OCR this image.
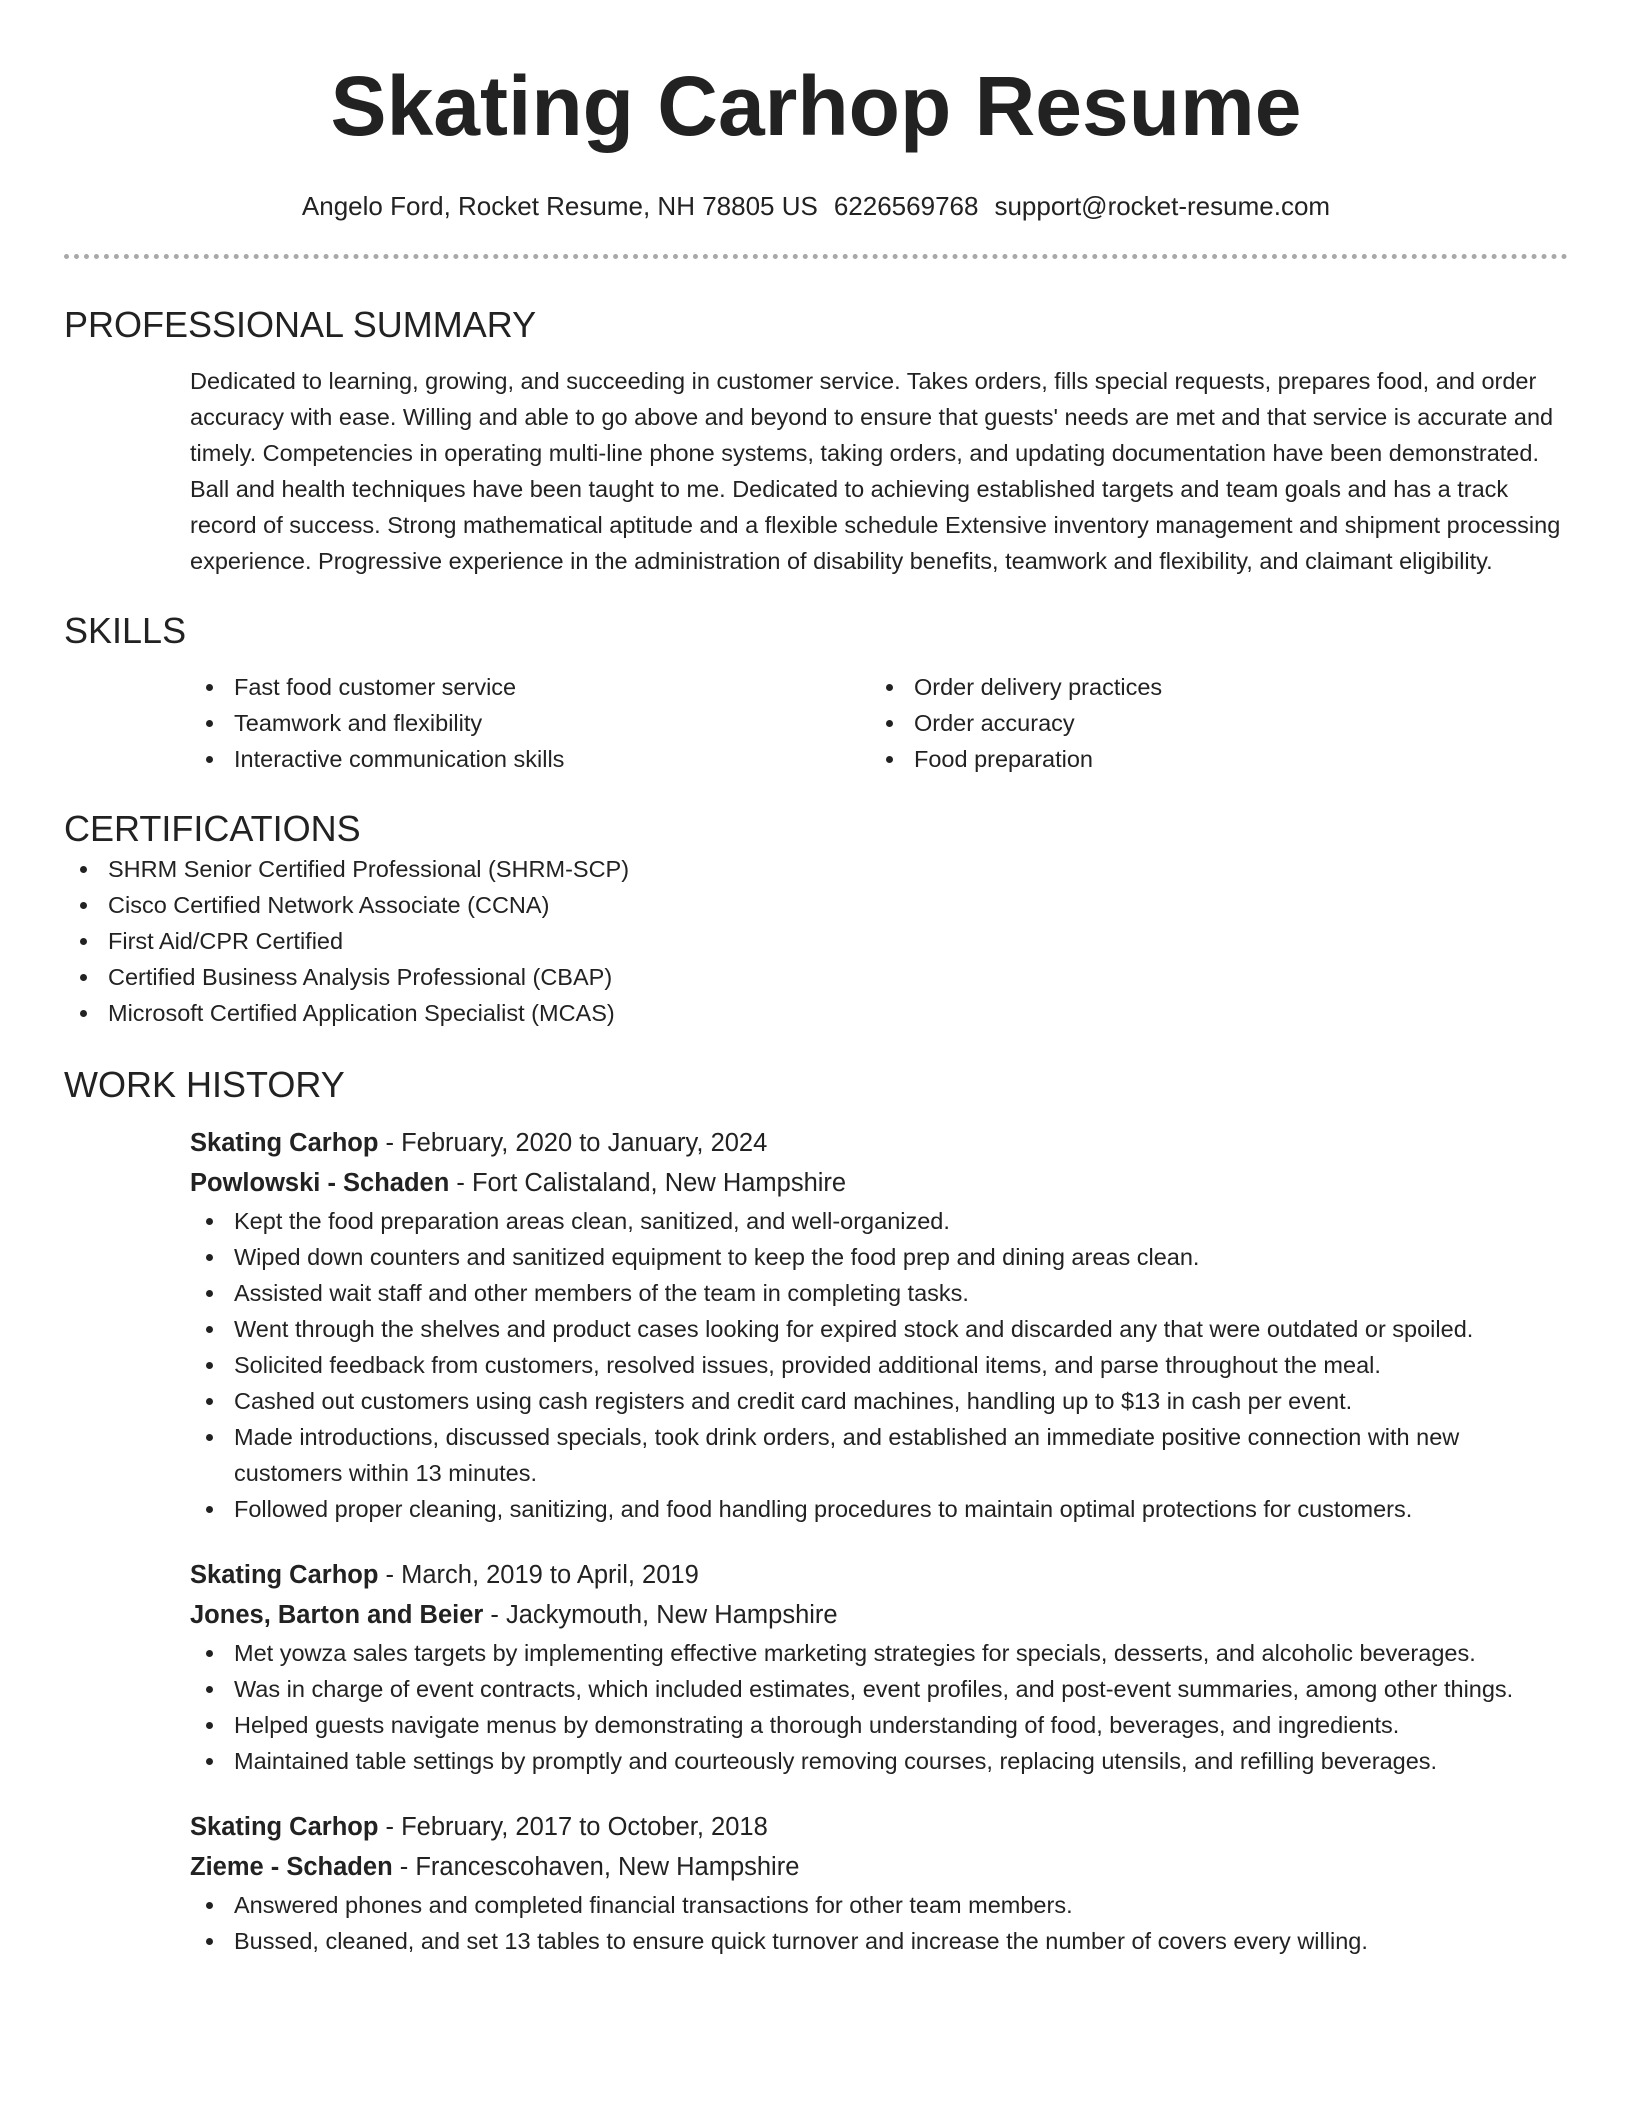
Skating Carhop Resume
Angelo Ford, Rocket Resume, NH 78805 US 6226569768 support@rocket-resume.com
PROFESSIONAL SUMMARY

Dedicated to learning, growing, and succeeding in customer service. Takes orders, fills special requests, prepares food, and order accuracy with ease. Willing and able to go above and beyond to ensure that guests' needs are met and that service is accurate and timely. Competencies in operating multi-line phone systems, taking orders, and updating documentation have been demonstrated. Ball and health techniques have been taught to me. Dedicated to achieving established targets and team goals and has a track record of success. Strong mathematical aptitude and a flexible schedule Extensive inventory management and shipment processing experience. Progressive experience in the administration of disability benefits, teamwork and flexibility, and claimant eligibility.

SKILLS
Fast food customer service
Teamwork and flexibility
Interactive communication skills
Order delivery practices
Order accuracy
Food preparation
CERTIFICATIONS
SHRM Senior Certified Professional (SHRM-SCP)
Cisco Certified Network Associate (CCNA)
First Aid/CPR Certified
Certified Business Analysis Professional (CBAP)
Microsoft Certified Application Specialist (MCAS)
WORK HISTORY
Skating Carhop - February, 2020 to January, 2024
Powlowski - Schaden - Fort Calistaland, New Hampshire
Kept the food preparation areas clean, sanitized, and well-organized.
Wiped down counters and sanitized equipment to keep the food prep and dining areas clean.
Assisted wait staff and other members of the team in completing tasks.
Went through the shelves and product cases looking for expired stock and discarded any that were outdated or spoiled.
Solicited feedback from customers, resolved issues, provided additional items, and parse throughout the meal.
Cashed out customers using cash registers and credit card machines, handling up to $13 in cash per event.
Made introductions, discussed specials, took drink orders, and established an immediate positive connection with new customers within 13 minutes.
Followed proper cleaning, sanitizing, and food handling procedures to maintain optimal protections for customers.
Skating Carhop - March, 2019 to April, 2019
Jones, Barton and Beier - Jackymouth, New Hampshire
Met yowza sales targets by implementing effective marketing strategies for specials, desserts, and alcoholic beverages.
Was in charge of event contracts, which included estimates, event profiles, and post-event summaries, among other things.
Helped guests navigate menus by demonstrating a thorough understanding of food, beverages, and ingredients.
Maintained table settings by promptly and courteously removing courses, replacing utensils, and refilling beverages.
Skating Carhop - February, 2017 to October, 2018
Zieme - Schaden - Francescohaven, New Hampshire
Answered phones and completed financial transactions for other team members.
Bussed, cleaned, and set 13 tables to ensure quick turnover and increase the number of covers every willing.
